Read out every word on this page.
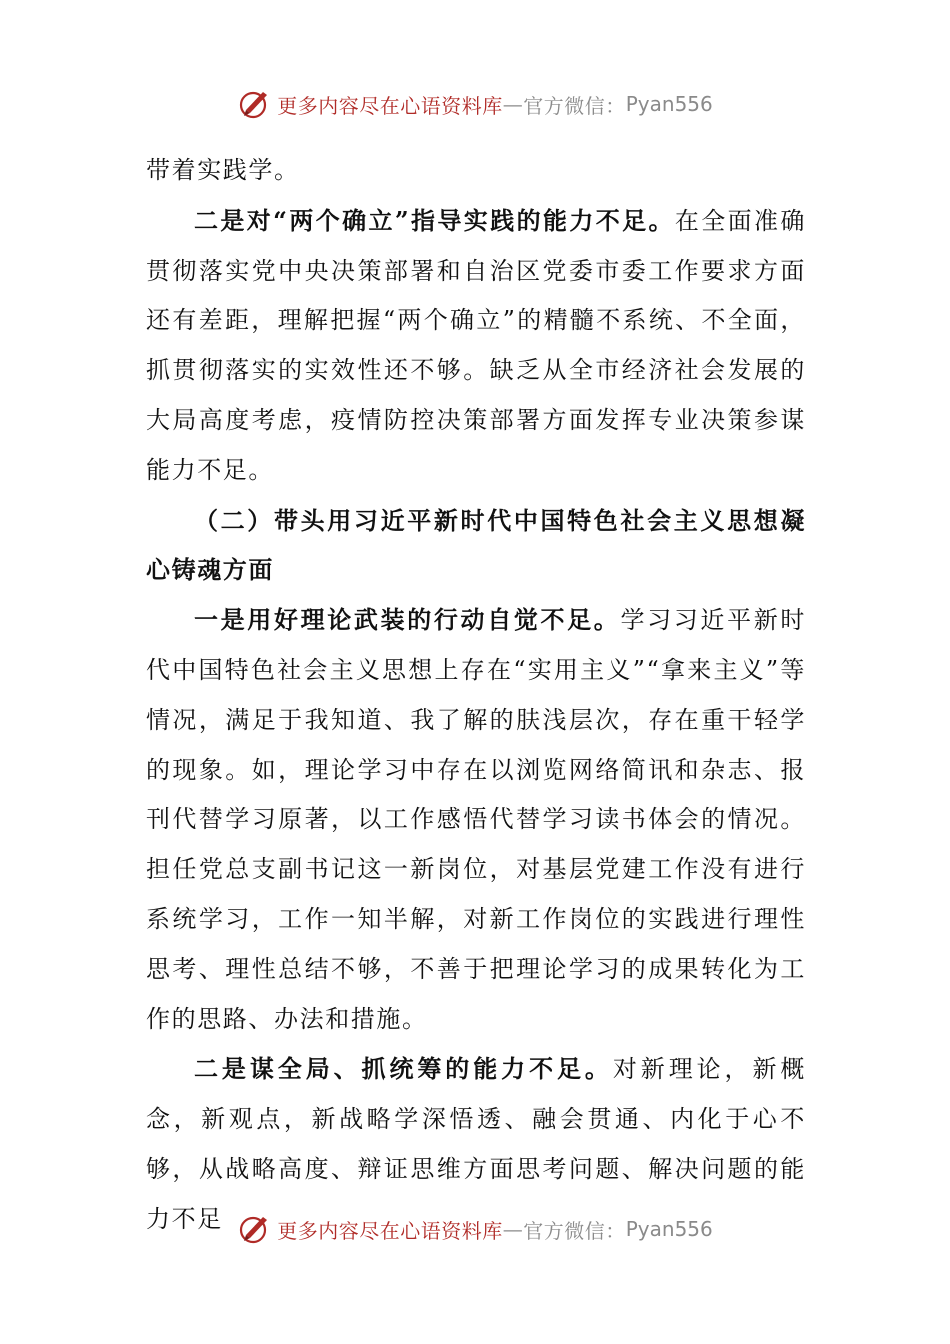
更多内容尽在心语资料库 — 官方微信： Pyan556

带着实践学。

二是对“两个确立”指导实践的能力不足。在全面准确贯彻落实党中央决策部署和自治区党委市委工作要求方面还有差距，理解把握“两个确立”的精髓不系统、不全面，抓贯彻落实的实效性还不够。缺乏从全市经济社会发展的大局高度考虑，疫情防控决策部署方面发挥专业决策参谋能力不足。

（二）带头用习近平新时代中国特色社会主义思想凝心铸魂方面

一是用好理论武装的行动自觉不足。学习习近平新时代中国特色社会主义思想上存在“实用主义”“拿来主义”等情况，满足于我知道、我了解的肤浅层次，存在重干轻学的现象。如，理论学习中存在以浏览网络简讯和杂志、报刊代替学习原著，以工作感悟代替学习读书体会的情况。担任党总支副书记这一新岗位，对基层党建工作没有进行系统学习，工作一知半解，对新工作岗位的实践进行理性思考、理性总结不够，不善于把理论学习的成果转化为工作的思路、办法和措施。

二是谋全局、抓统筹的能力不足。对新理论，新概念，新观点，新战略学深悟透、融会贯通、内化于心不够，从战略高度、辩证思维方面思考问题、解决问题的能力不足	更多内容尽在心语资料库 — 官方微信： Pyan556
